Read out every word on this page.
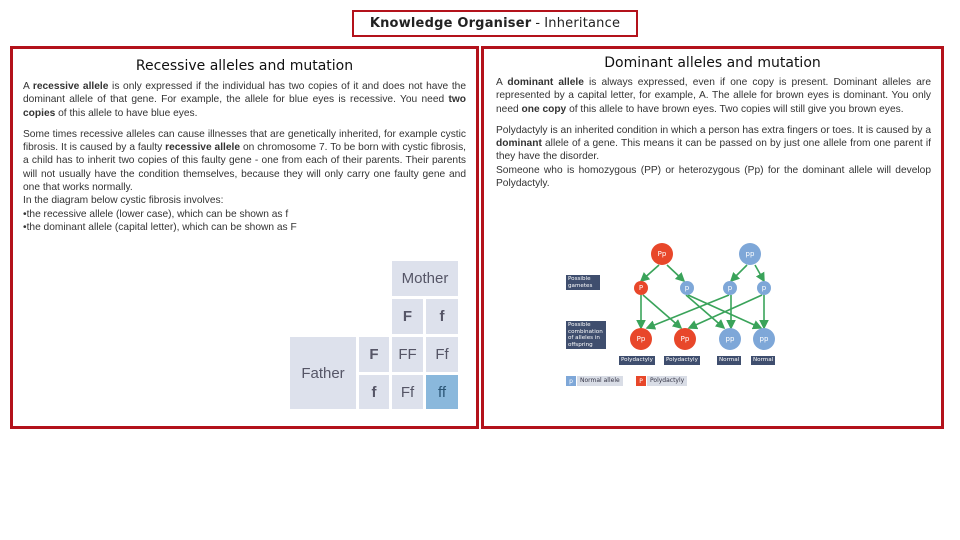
Knowledge Organiser - Inheritance
Recessive alleles and mutation

A recessive allele is only expressed if the individual has two copies of it and does not have the dominant allele of that gene. For example, the allele for blue eyes is recessive. You need two copies of this allele to have blue eyes.

Some times recessive alleles can cause illnesses that are genetically inherited, for example cystic fibrosis. It is caused by a faulty recessive allele on chromosome 7. To be born with cystic fibrosis, a child has to inherit two copies of this faulty gene - one from each of their parents. Their parents will not usually have the condition themselves, because they will only carry one faulty gene and one that works normally.

In the diagram below cystic fibrosis involves:

•the recessive allele (lower case), which can be shown as f

•the dominant allele (capital letter), which can be shown as F

Mother
F	f
Father
F	FF	Ff
f	Ff	ff
Dominant alleles and mutation

A dominant allele is always expressed, even if one copy is present. Dominant alleles are represented by a capital letter, for example, A. The allele for brown eyes is dominant. You only need one copy of this allele to have brown eyes. Two copies will still give you brown eyes.

Polydactyly is an inherited condition in which a person has extra fingers or toes. It is caused by a dominant allele of a gene. This means it can be passed on by just one allele from one parent if they have the disorder.

Someone who is homozygous (PP) or heterozygous (Pp) for the dominant allele will develop Polydactyly.

Pp	pp
Possible gametes	P	p	p	p
Possible combination of alleles in offspring
Pp	Pp	pp	pp
Polydactyly	Polydactyly	Normal	Normal
p	Normal allele	P	Polydactyly
